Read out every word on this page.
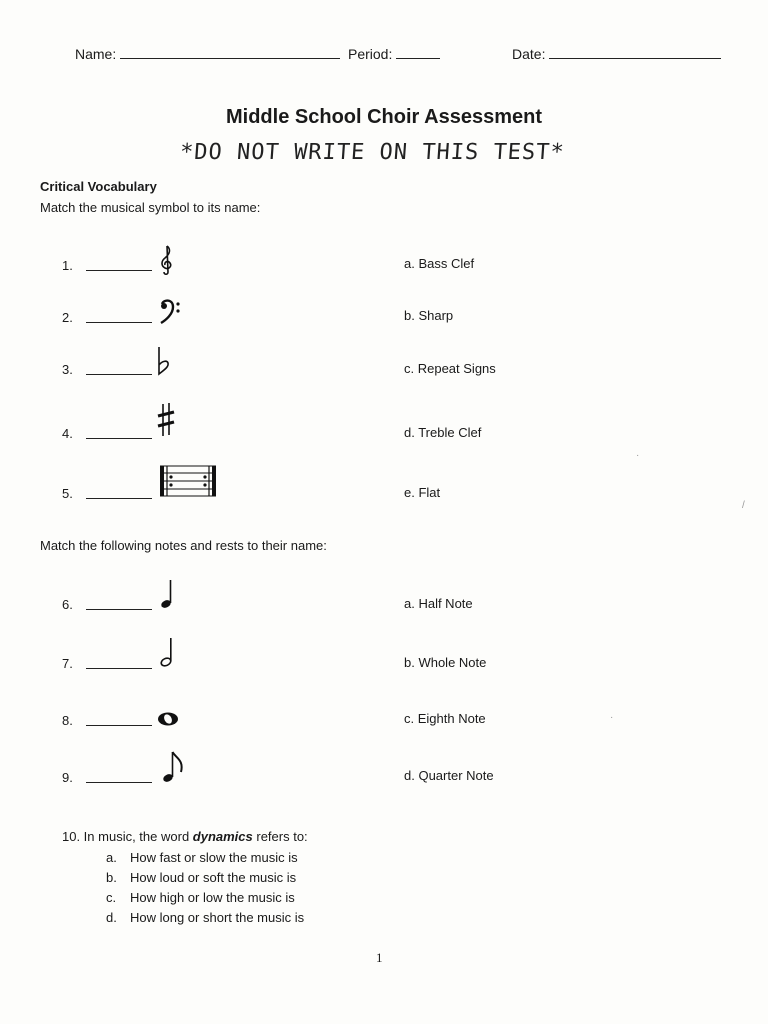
Name:	Period:	Date:
Middle School Choir Assessment
*DO NOT WRITE ON THIS TEST*
Critical Vocabulary
Match the musical symbol to its name:
1.	a. Bass Clef
2.	b. Sharp
3.	c. Repeat Signs
4.	d. Treble Clef
5.	e. Flat
·
/
Match the following notes and rests to their name:
6.	a. Half Note
7.	b. Whole Note
8.	c. Eighth Note
9.	d. Quarter Note
·
10. In music, the word dynamics refers to:
a. How fast or slow the music is
b. How loud or soft the music is
c. How high or low the music is
d. How long or short the music is
1
